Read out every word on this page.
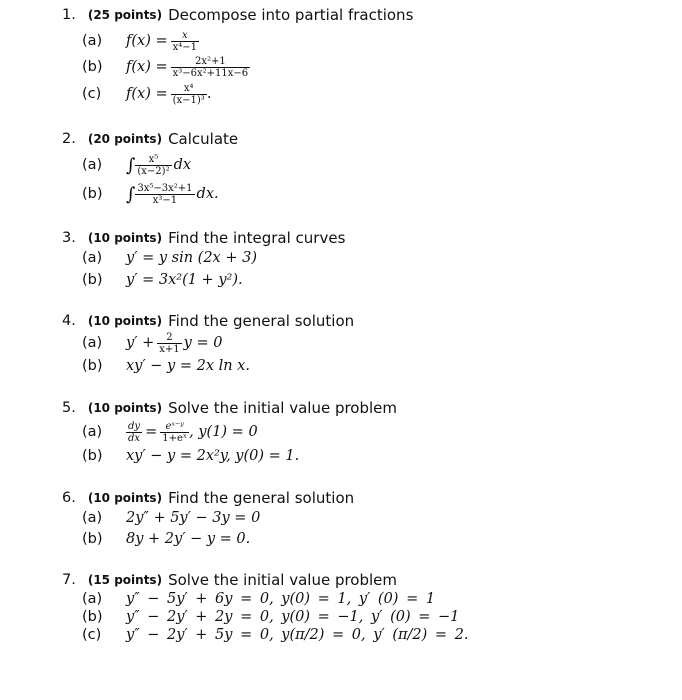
1. (25 points) Decompose into partial fractions
(a)	$f(x) = \frac{x}{\text{x⁴−1}}$
(b)	$f(x) = \frac{\text{2x²+1}}{\text{x³−6x²+11x−6}}$
(c)	$f(x) = \frac{\text{x⁴}}{\text{(x−1)³}}$ .
2. (20 points) Calculate
(a)	∫ $\frac{\text{x⁵}}{\text{(x−2)²}}$ dx
(b)	∫ $\frac{\text{3x⁵−3x²+1}}{\text{x³−1}}$ dx.
3. (10 points) Find the integral curves
(a)	y′ = y sin (2x + 3)
(b)	y′ = 3x²(1 + y²).
4. (10 points) Find the general solution
(a)	$y' + \frac{2}{x+1}$ y = 0
(b)	xy′ − y = 2x ln x.
5. (10 points) Solve the initial value problem
(a)	$\frac{dy}{dx} = \frac{\text{eˣ⁻ʸ}}{\text{1+eˣ}}$ , y(1) = 0
(b)	xy′ − y = 2x²y, y(0) = 1.
6. (10 points) Find the general solution
(a)	2y″ + 5y′ − 3y = 0
(b)	8y + 2y′ − y = 0.
7. (15 points) Solve the initial value problem
(a)	y″ − 5y′ + 6y = 0, y(0) = 1, y′ (0) = 1
(b)	y″ − 2y′ + 2y = 0, y(0) = −1, y′ (0) = −1
(c)	y″ − 2y′ + 5y = 0, y(π/2) = 0, y′ (π/2) = 2.
